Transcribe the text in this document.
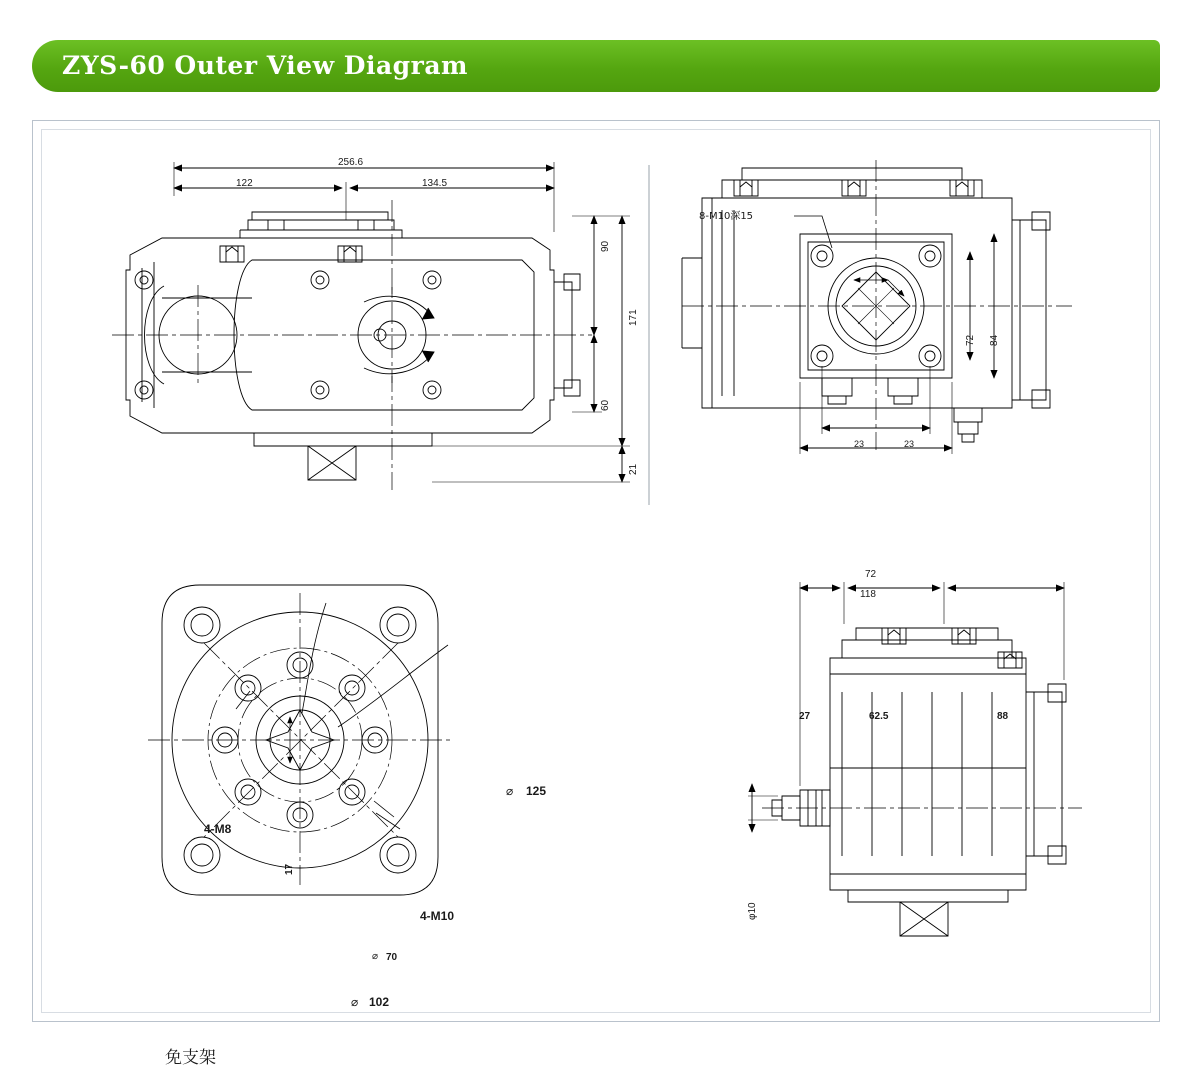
ZYS-60 Outer View Diagram
256.6
122	134.5
90
171
60
21
8-M10深15
23	23
72 84
72
118
125
4-M8
17
4-M10
70
102
免支架
⌀
⌀
⌀
27	62.5	88
φ10
